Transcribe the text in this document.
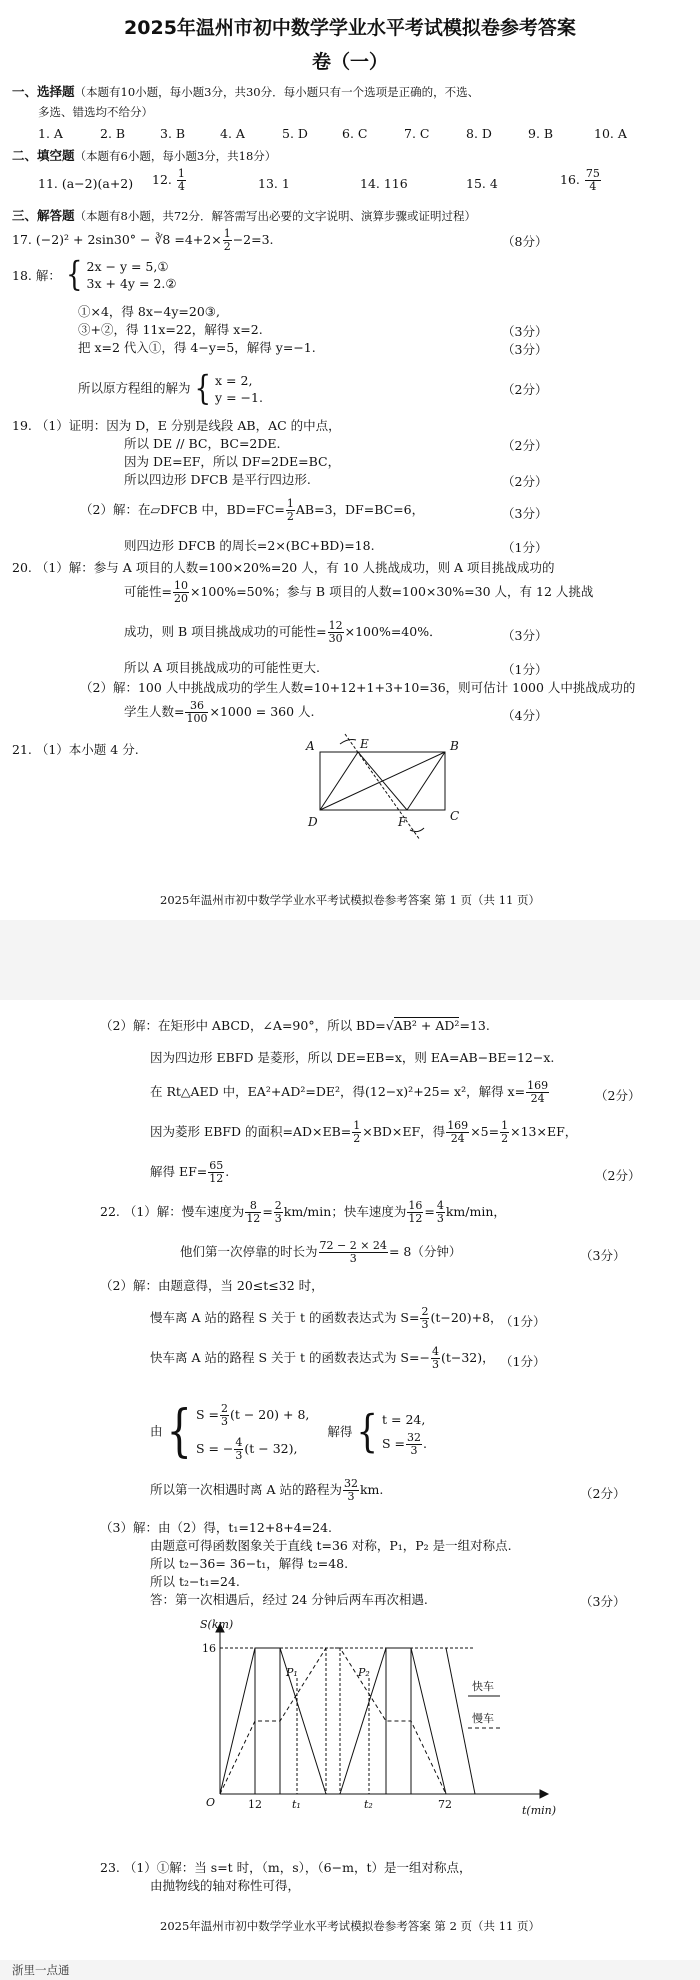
2025年温州市初中数学学业水平考试模拟卷参考答案
卷（一）
一、选择题（本题有10小题，每小题3分，共30分．每小题只有一个选项是正确的，不选、
多选、错选均不给分）
1. A	2. B	3. B	4. A	5. D	6. C	7. C	8. D	9. B	10. A
二、填空题（本题有6小题，每小题3分，共18分）
11. (a−2)(a+2) 12. $\frac{1}{4}$	13. 1	14. 116	15. 4	16. $\frac{75}{4}$
三、解答题（本题有8小题，共72分．解答需写出必要的文字说明、演算步骤或证明过程）
17. (−2)² + 2sin30° − ∛8 $=4+2\times \frac{1}{2} -2=3$.	（8分）
18. 解： { 2x − y = 5,①
3x + 4y = 2.②
①×4，得 8x−4y=20③,
③+②，得 11x=22，解得 x=2.	（3分）
把 x=2 代入①，得 4−y=5，解得 y=−1.	（3分）
所以原方程组的解为 { x = 2,
y = −1.
（2分）
19. （1）证明：因为 D，E 分别是线段 AB，AC 的中点，
所以 DE // BC，BC=2DE.	（2分）
因为 DE=EF，所以 DF=2DE=BC，
所以四边形 DFCB 是平行四边形.	（2分）
（2）解：在▱DFCB 中，$BD=FC= \frac{1}{2} AB=3$，DF=BC=6，	（3分）
则四边形 DFCB 的周长=2×(BC+BD)=18.	（1分）
20. （1）解：参与 A 项目的人数=100×20%=20 人，有 10 人挑战成功，则 A 项目挑战成功的
可能性= $\frac{10}{20} \times 100\%=50\%$；参与 B 项目的人数=100×30%=30 人，有 12 人挑战
成功，则 B 项目挑战成功的可能性= $\frac{12}{30} \times 100\%=40\%$．	（3分）
所以 A 项目挑战成功的可能性更大.	（1分）
（2）解：100 人中挑战成功的学生人数=10+12+1+3+10=36，则可估计 1000 人中挑战成功的
学生人数= $\frac{36}{100} \times 1000 = 360$ 人.	（4分）
21. （1）本小题 4 分.	A	B
C
D
E
F
2025年温州市初中数学学业水平考试模拟卷参考答案 第 1 页（共 11 页）
（2）解：在矩形中 ABCD，∠A=90°，所以 BD=√AB² + AD²=13.
因为四边形 EBFD 是菱形，所以 DE=EB=x，则 EA=AB−BE=12−x.
在 Rt△AED 中，EA²+AD²=DE²，得(12−x)²+25= x²，解得 $x= \frac{169}{24}$	（2分）
因为菱形 EBFD 的面积$=AD\times EB= \frac{1}{2} \times BD\times EF$，得 $\frac{169}{24} \times 5= \frac{1}{2} \times 13\times EF$，
解得 $EF= \frac{65}{12}$ .	（2分）
22. （1）解：慢车速度为 $\frac{8}{12} = \frac{2}{3} km/\min$；快车速度为 $\frac{16}{12} = \frac{4}{3} km/\min$，
他们第一次停靠的时长为 $\frac{72 - 2 \times 24}{3} = 8$（分钟）	（3分）
（2）解：由题意得，当 20≤t≤32 时，
慢车离 A 站的路程 S 关于 t 的函数表达式为 $S= \frac{2}{3} (t-20)+8$，
（1分）
快车离 A 站的路程 S 关于 t 的函数表达式为 $S=- \frac{4}{3} (t-32)$， （1分）
由 { $S = \frac{2}{3} (t - 20) + 8$,
S = − $\frac{4}{3} (t - 32)$,
解得 { t = 24,
$S = \frac{32}{3}$ .
所以第一次相遇时离 A 站的路程为 $\frac{32}{3}$ km.	（2分）
（3）解：由（2）得，t₁=12+8+4=24.
由题意可得函数图象关于直线 t=36 对称，P₁，P₂ 是一组对称点.
所以 t₂−36= 36−t₁，解得 t₂=48.
所以 t₂−t₁=24.
答：第一次相遇后，经过 24 分钟后两车再次相遇.	（3分）
S(km)
t(min)
O
16
12	t₁	t₂	72
P₁	P₂
快车
慢车
23. （1）①解：当 s=t 时，（m，s），（6−m，t）是一组对称点，
由抛物线的轴对称性可得，
2025年温州市初中数学学业水平考试模拟卷参考答案 第 2 页（共 11 页）
浙里一点通
